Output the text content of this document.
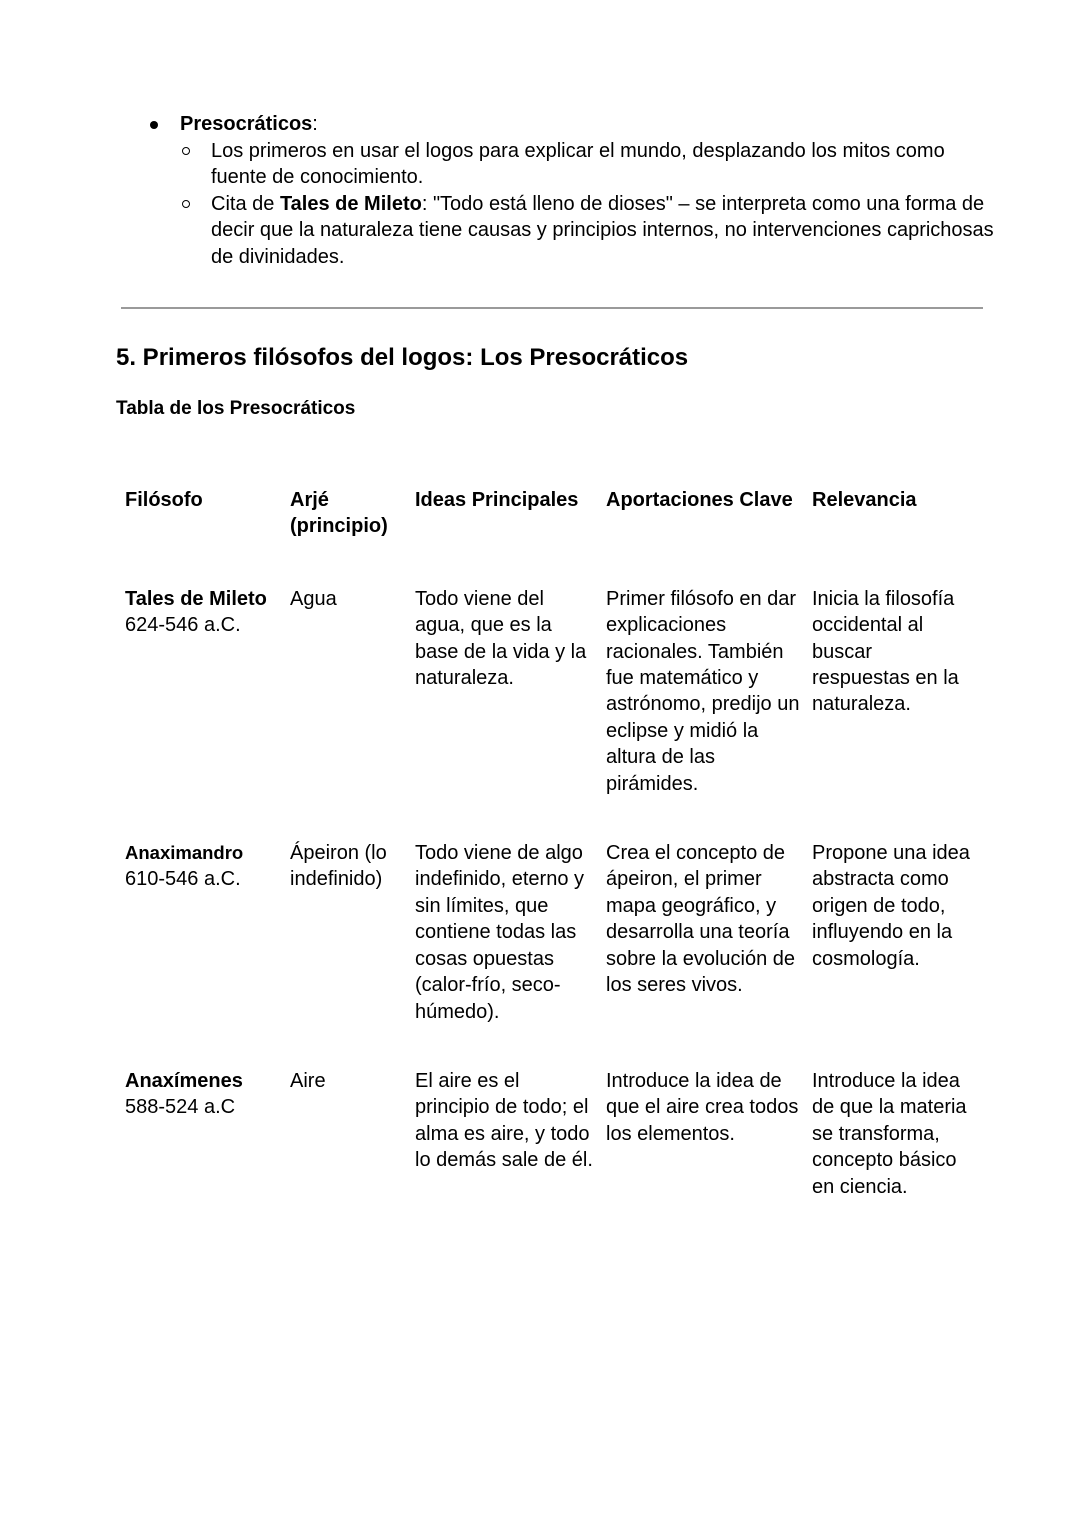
Presocráticos:
Los primeros en usar el logos para explicar el mundo, desplazando los mitos como fuente de conocimiento.
Cita de Tales de Mileto: "Todo está lleno de dioses" – se interpreta como una forma de decir que la naturaleza tiene causas y principios internos, no intervenciones caprichosas de divinidades.
5. Primeros filósofos del logos: Los Presocráticos
Tabla de los Presocráticos
Filósofo	Arjé (principio)	Ideas Principales	Aportaciones Clave	Relevancia

Tales de Mileto
624-546 a.C.	Agua	Todo viene del agua, que es la base de la vida y la naturaleza.	Primer filósofo en dar explicaciones racionales. También fue matemático y astrónomo, predijo un eclipse y midió la altura de las pirámides.	Inicia la filosofía occidental al buscar respuestas en la naturaleza.

Anaximandro
610-546 a.C.	Ápeiron (lo indefinido)	Todo viene de algo indefinido, eterno y sin límites, que contiene todas las cosas opuestas (calor-frío, seco-húmedo).	Crea el concepto de ápeiron, el primer mapa geográfico, y desarrolla una teoría sobre la evolución de los seres vivos.	Propone una idea abstracta como origen de todo, influyendo en la cosmología.

Anaxímenes
588-524 a.C	Aire	El aire es el principio de todo; el alma es aire, y todo lo demás sale de él.	Introduce la idea de que el aire crea todos los elementos.	Introduce la idea de que la materia se transforma, concepto básico en ciencia.
